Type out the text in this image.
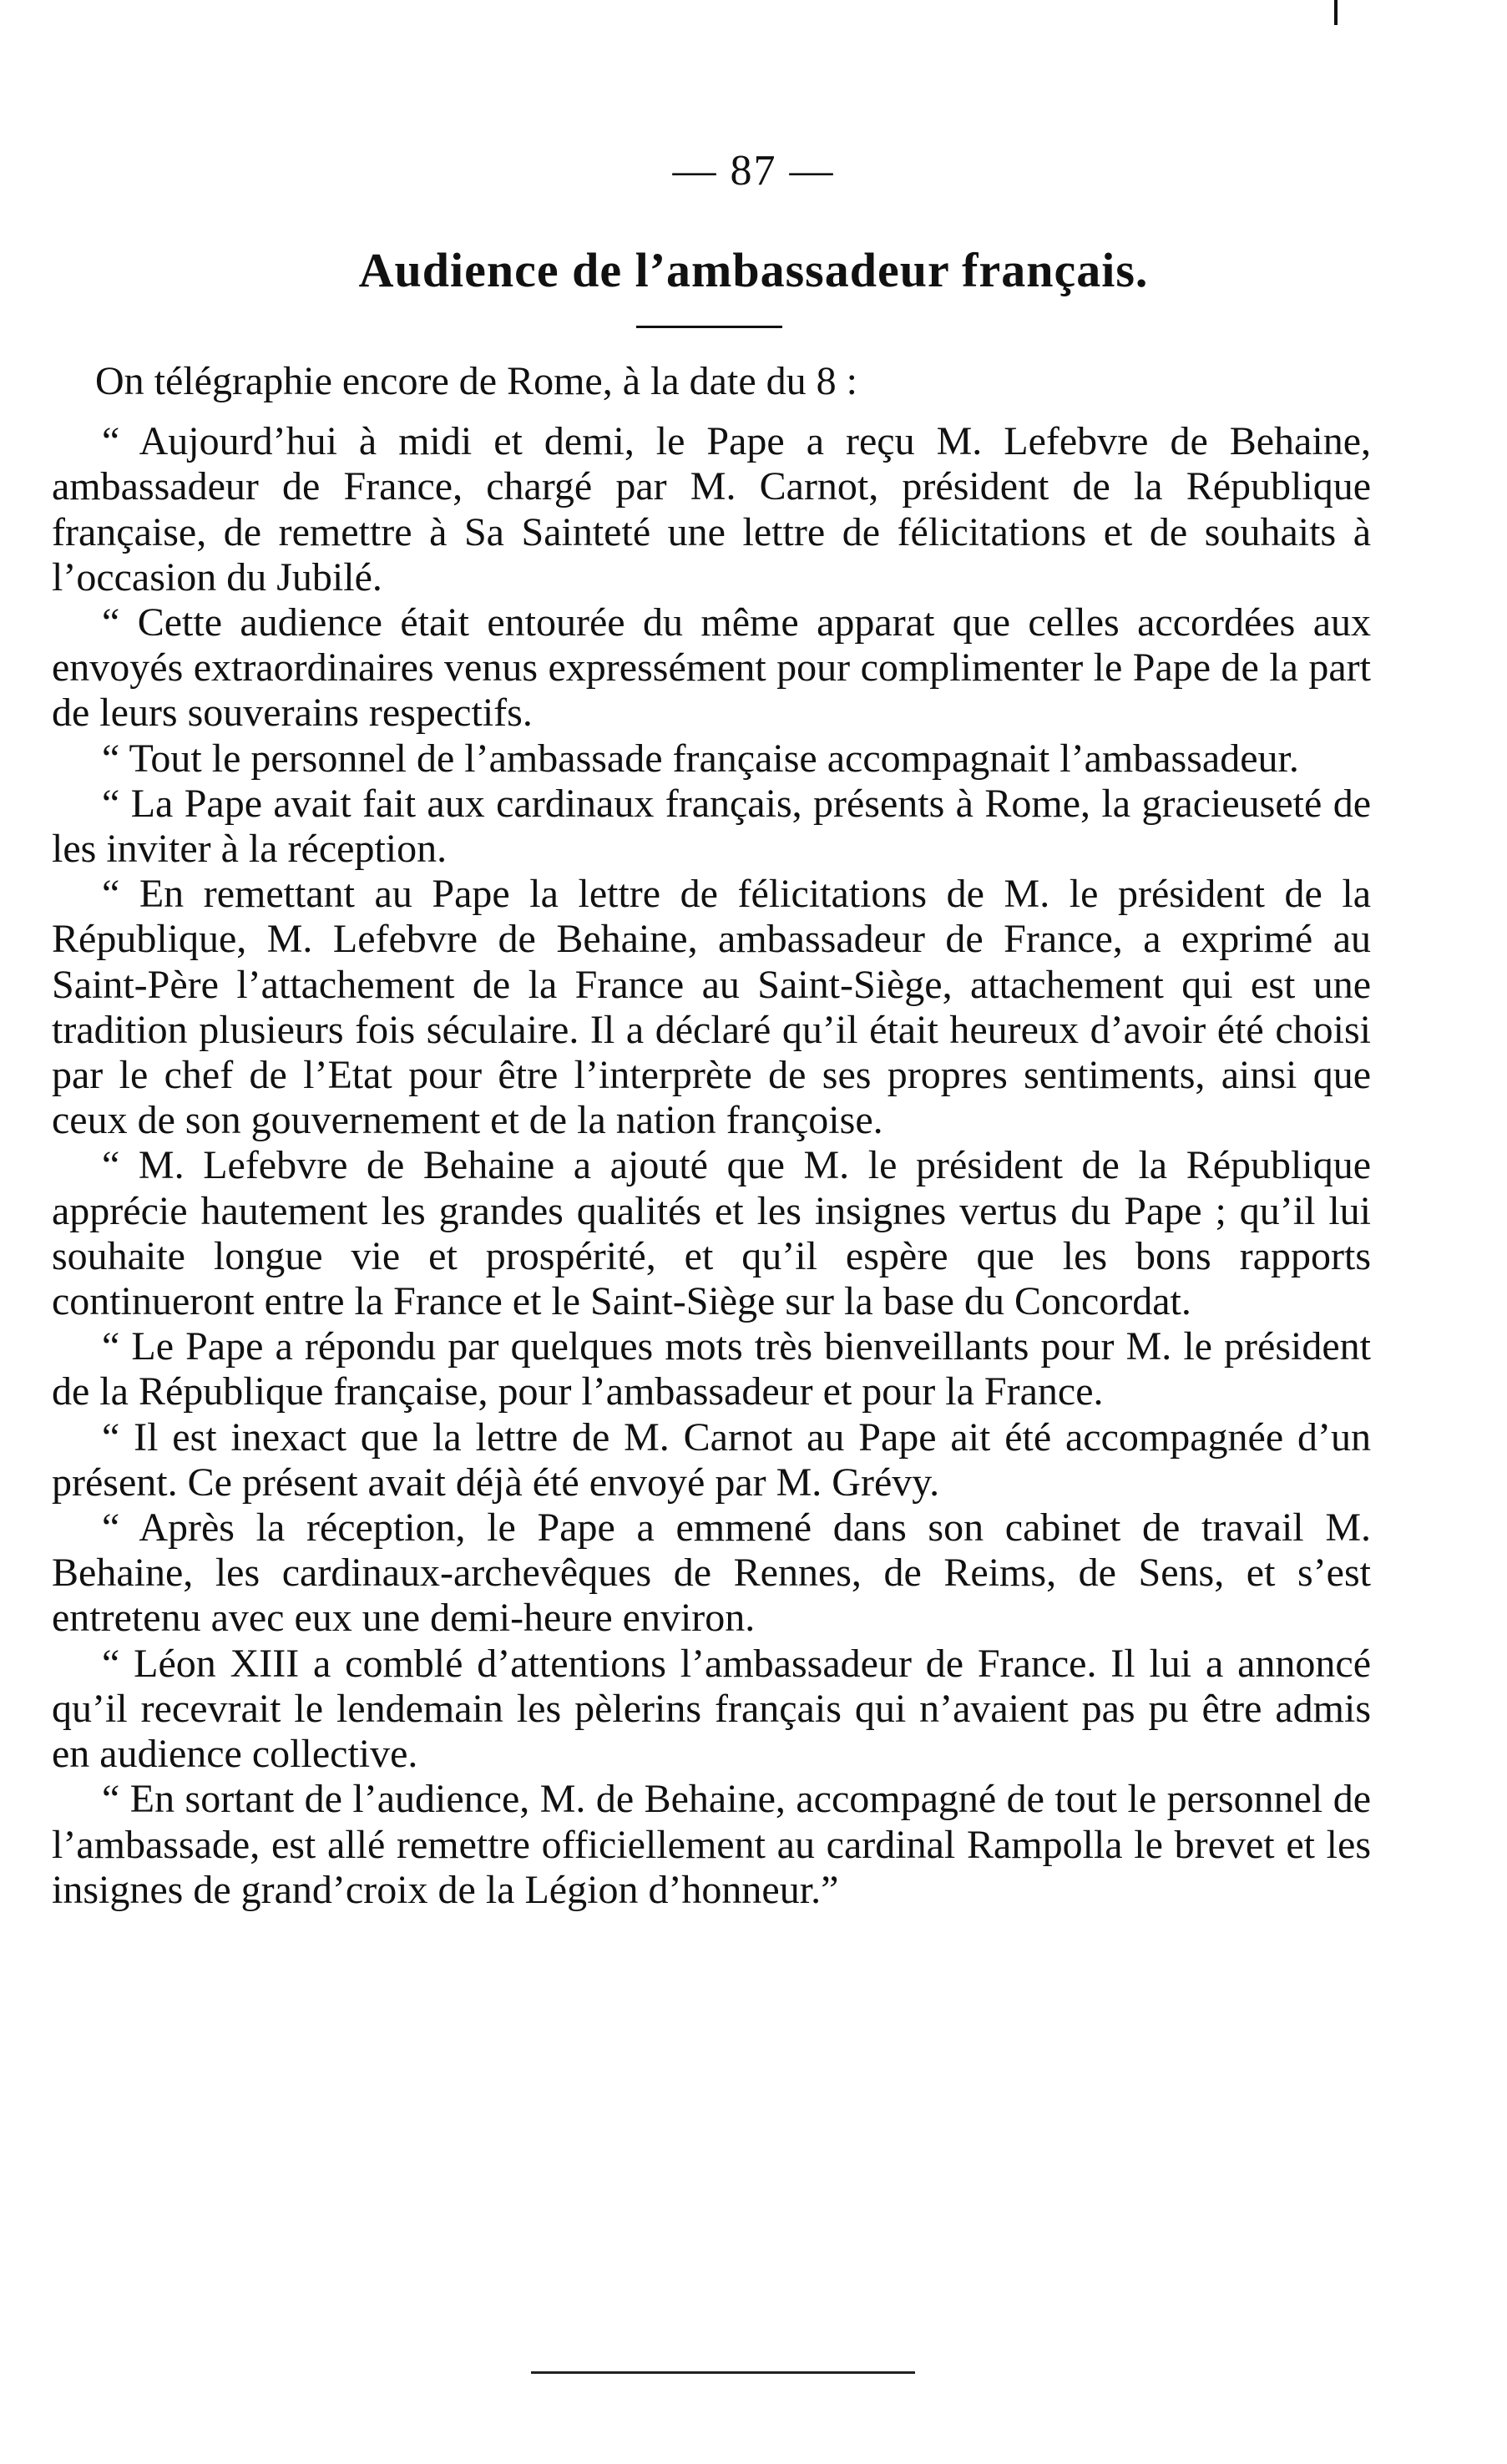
— 87 —
Audience de l’ambassadeur français.

On télégraphie encore de Rome, à la date du 8 :

“ Aujourd’hui à midi et demi, le Pape a reçu M. Lefebvre de Behaine, ambassadeur de France, chargé par M. Carnot, président de la République française, de remettre à Sa Sainteté une lettre de félicitations et de souhaits à l’occasion du Jubilé.

“ Cette audience était entourée du même apparat que celles accordées aux envoyés extraordinaires venus expressément pour complimenter le Pape de la part de leurs souverains respectifs.

“ Tout le personnel de l’ambassade française accompagnait l’ambassadeur.

“ La Pape avait fait aux cardinaux français, présents à Rome, la gracieuseté de les inviter à la réception.

“ En remettant au Pape la lettre de félicitations de M. le président de la République, M. Lefebvre de Behaine, ambassadeur de France, a exprimé au Saint-Père l’attachement de la France au Saint-Siège, attachement qui est une tradition plusieurs fois séculaire. Il a déclaré qu’il était heureux d’avoir été choisi par le chef de l’Etat pour être l’interprète de ses propres sentiments, ainsi que ceux de son gouvernement et de la nation françoise.

“ M. Lefebvre de Behaine a ajouté que M. le président de la République apprécie hautement les grandes qualités et les insignes vertus du Pape ; qu’il lui souhaite longue vie et prospérité, et qu’il espère que les bons rapports continueront entre la France et le Saint-Siège sur la base du Concordat.

“ Le Pape a répondu par quelques mots très bienveillants pour M. le président de la République française, pour l’ambassadeur et pour la France.

“ Il est inexact que la lettre de M. Carnot au Pape ait été accompagnée d’un présent. Ce présent avait déjà été envoyé par M. Grévy.

“ Après la réception, le Pape a emmené dans son cabinet de travail M. Behaine, les cardinaux-archevêques de Rennes, de Reims, de Sens, et s’est entretenu avec eux une demi-heure environ.

“ Léon XIII a comblé d’attentions l’ambassadeur de France. Il lui a annoncé qu’il recevrait le lendemain les pèlerins français qui n’avaient pas pu être admis en audience collective.

“ En sortant de l’audience, M. de Behaine, accompagné de tout le personnel de l’ambassade, est allé remettre officiellement au cardinal Rampolla le brevet et les insignes de grand’croix de la Légion d’honneur.”
